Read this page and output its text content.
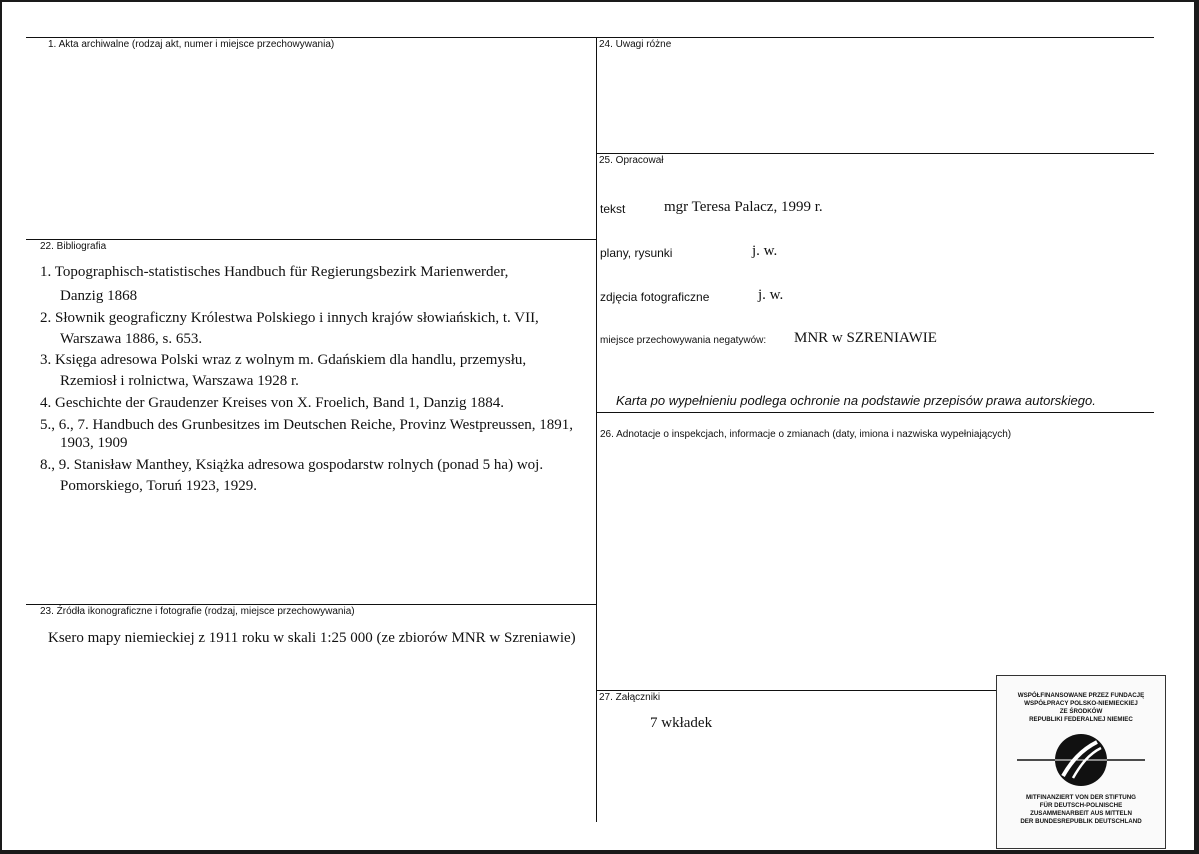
1. Akta archiwalne (rodzaj akt, numer i miejsce przechowywania)
22. Bibliografia
1. Topographisch-statistisches Handbuch für Regierungsbezirk Marienwerder,
Danzig 1868
2. Słownik geograficzny Królestwa Polskiego i innych krajów słowiańskich, t. VII,
Warszawa 1886, s. 653.
3. Księga adresowa Polski wraz z wolnym m. Gdańskiem dla handlu, przemysłu,
Rzemiosł i rolnictwa, Warszawa 1928 r.
4. Geschichte der Graudenzer Kreises von X. Froelich, Band 1, Danzig 1884.
5., 6., 7. Handbuch des Grunbesitzes im Deutschen Reiche, Provinz Westpreussen, 1891,
1903, 1909
8., 9. Stanisław Manthey, Książka adresowa gospodarstw rolnych (ponad 5 ha) woj.
Pomorskiego, Toruń 1923, 1929.
23. Źródła ikonograficzne i fotografie (rodzaj, miejsce przechowywania)
Ksero mapy niemieckiej z 1911 roku w skali 1:25 000 (ze zbiorów MNR w Szreniawie)
24. Uwagi różne
25. Opracował
tekst	mgr Teresa Palacz, 1999 r.
plany, rysunki	j. w.
zdjęcia fotograficzne	j. w.
miejsce przechowywania negatywów: MNR w SZRENIAWIE
Karta po wypełnieniu podlega ochronie na podstawie przepisów prawa autorskiego.
26. Adnotacje o inspekcjach, informacje o zmianach (daty, imiona i nazwiska wypełniających)
27. Załączniki
7 wkładek
WSPÓŁFINANSOWANE PRZEZ FUNDACJĘ
WSPÓŁPRACY POLSKO-NIEMIECKIEJ
ZE ŚRODKÓW
REPUBLIKI FEDERALNEJ NIEMIEC
MITFINANZIERT VON DER STIFTUNG
FÜR DEUTSCH-POLNISCHE
ZUSAMMENARBEIT AUS MITTELN
DER BUNDESREPUBLIK DEUTSCHLAND
